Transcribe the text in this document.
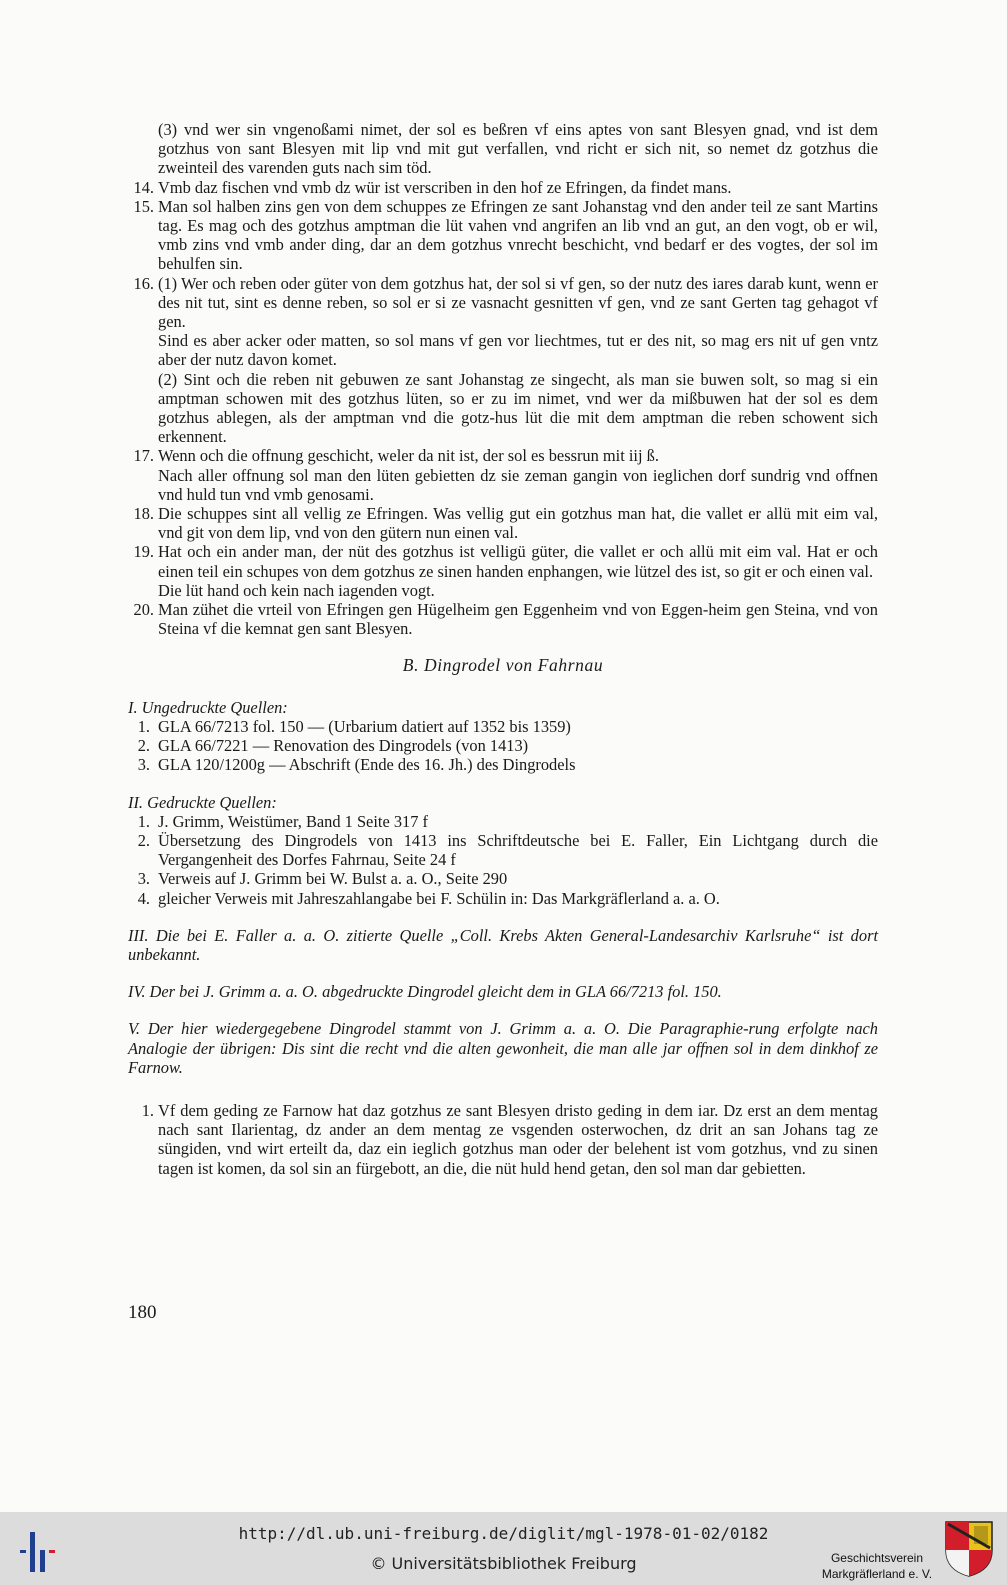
(3) vnd wer sin vngenoßami nimet, der sol es beßren vf eins aptes von sant Blesyen gnad, vnd ist dem gotzhus von sant Blesyen mit lip vnd mit gut verfallen, vnd richt er sich nit, so nemet dz gotzhus die zweinteil des varenden guts nach sim töd.

14. Vmb daz fischen vnd vmb dz wür ist verscriben in den hof ze Efringen, da findet mans.

15. Man sol halben zins gen von dem schuppes ze Efringen ze sant Johanstag vnd den ander teil ze sant Martins tag. Es mag och des gotzhus amptman die lüt vahen vnd angrifen an lib vnd an gut, an den vogt, ob er wil, vmb zins vnd vmb ander ding, dar an dem gotzhus vnrecht beschicht, vnd bedarf er des vogtes, der sol im behulfen sin.

16. (1) Wer och reben oder güter von dem gotzhus hat, der sol si vf gen, so der nutz des iares darab kunt, wenn er des nit tut, sint es denne reben, so sol er si ze vasnacht gesnitten vf gen, vnd ze sant Gerten tag gehagot vf gen.

Sind es aber acker oder matten, so sol mans vf gen vor liechtmes, tut er des nit, so mag ers nit uf gen vntz aber der nutz davon komet.

(2) Sint och die reben nit gebuwen ze sant Johanstag ze singecht, als man sie buwen solt, so mag si ein amptman schowen mit des gotzhus lüten, so er zu im nimet, vnd wer da mißbuwen hat der sol es dem gotzhus ablegen, als der amptman vnd die gotz-hus lüt die mit dem amptman die reben schowent sich erkennent.

17. Wenn och die offnung geschicht, weler da nit ist, der sol es bessrun mit iij ß.

Nach aller offnung sol man den lüten gebietten dz sie zeman gangin von ieglichen dorf sundrig vnd offnen vnd huld tun vnd vmb genosami.

18. Die schuppes sint all vellig ze Efringen. Was vellig gut ein gotzhus man hat, die vallet er allü mit eim val, vnd git von dem lip, vnd von den gütern nun einen val.

19. Hat och ein ander man, der nüt des gotzhus ist velligü güter, die vallet er och allü mit eim val. Hat er och einen teil ein schupes von dem gotzhus ze sinen handen enphangen, wie lützel des ist, so git er och einen val.

Die lüt hand och kein nach iagenden vogt.

20. Man zühet die vrteil von Efringen gen Hügelheim gen Eggenheim vnd von Eggen-heim gen Steina, vnd von Steina vf die kemnat gen sant Blesyen.

B. Dingrodel von Fahrnau

I. Ungedruckte Quellen:

1. GLA 66/7213 fol. 150 — (Urbarium datiert auf 1352 bis 1359)
2. GLA 66/7221 — Renovation des Dingrodels (von 1413)
3. GLA 120/1200g — Abschrift (Ende des 16. Jh.) des Dingrodels

II. Gedruckte Quellen:

1. J. Grimm, Weistümer, Band 1 Seite 317 f
2. Übersetzung des Dingrodels von 1413 ins Schriftdeutsche bei E. Faller, Ein Lichtgang durch die Vergangenheit des Dorfes Fahrnau, Seite 24 f
3. Verweis auf J. Grimm bei W. Bulst a. a. O., Seite 290
4. gleicher Verweis mit Jahreszahlangabe bei F. Schülin in: Das Markgräflerland a. a. O.

III. Die bei E. Faller a. a. O. zitierte Quelle „Coll. Krebs Akten General-Landesarchiv Karlsruhe“ ist dort unbekannt.

IV. Der bei J. Grimm a. a. O. abgedruckte Dingrodel gleicht dem in GLA 66/7213 fol. 150.

V. Der hier wiedergegebene Dingrodel stammt von J. Grimm a. a. O. Die Paragraphie-rung erfolgte nach Analogie der übrigen: Dis sint die recht vnd die alten gewonheit, die man alle jar offnen sol in dem dinkhof ze Farnow.

1. Vf dem geding ze Farnow hat daz gotzhus ze sant Blesyen dristo geding in dem iar. Dz erst an dem mentag nach sant Ilarientag, dz ander an dem mentag ze vsgenden osterwochen, dz drit an san Johans tag ze süngiden, vnd wirt erteilt da, daz ein ieglich gotzhus man oder der belehent ist vom gotzhus, vnd zu sinen tagen ist komen, da sol sin an fürgebott, an die, die nüt huld hend getan, den sol man dar gebietten.

180
http://dl.ub.uni-freiburg.de/diglit/mgl-1978-01-02/0182
© Universitätsbibliothek Freiburg	Geschichtsverein
Markgräflerland e. V.
